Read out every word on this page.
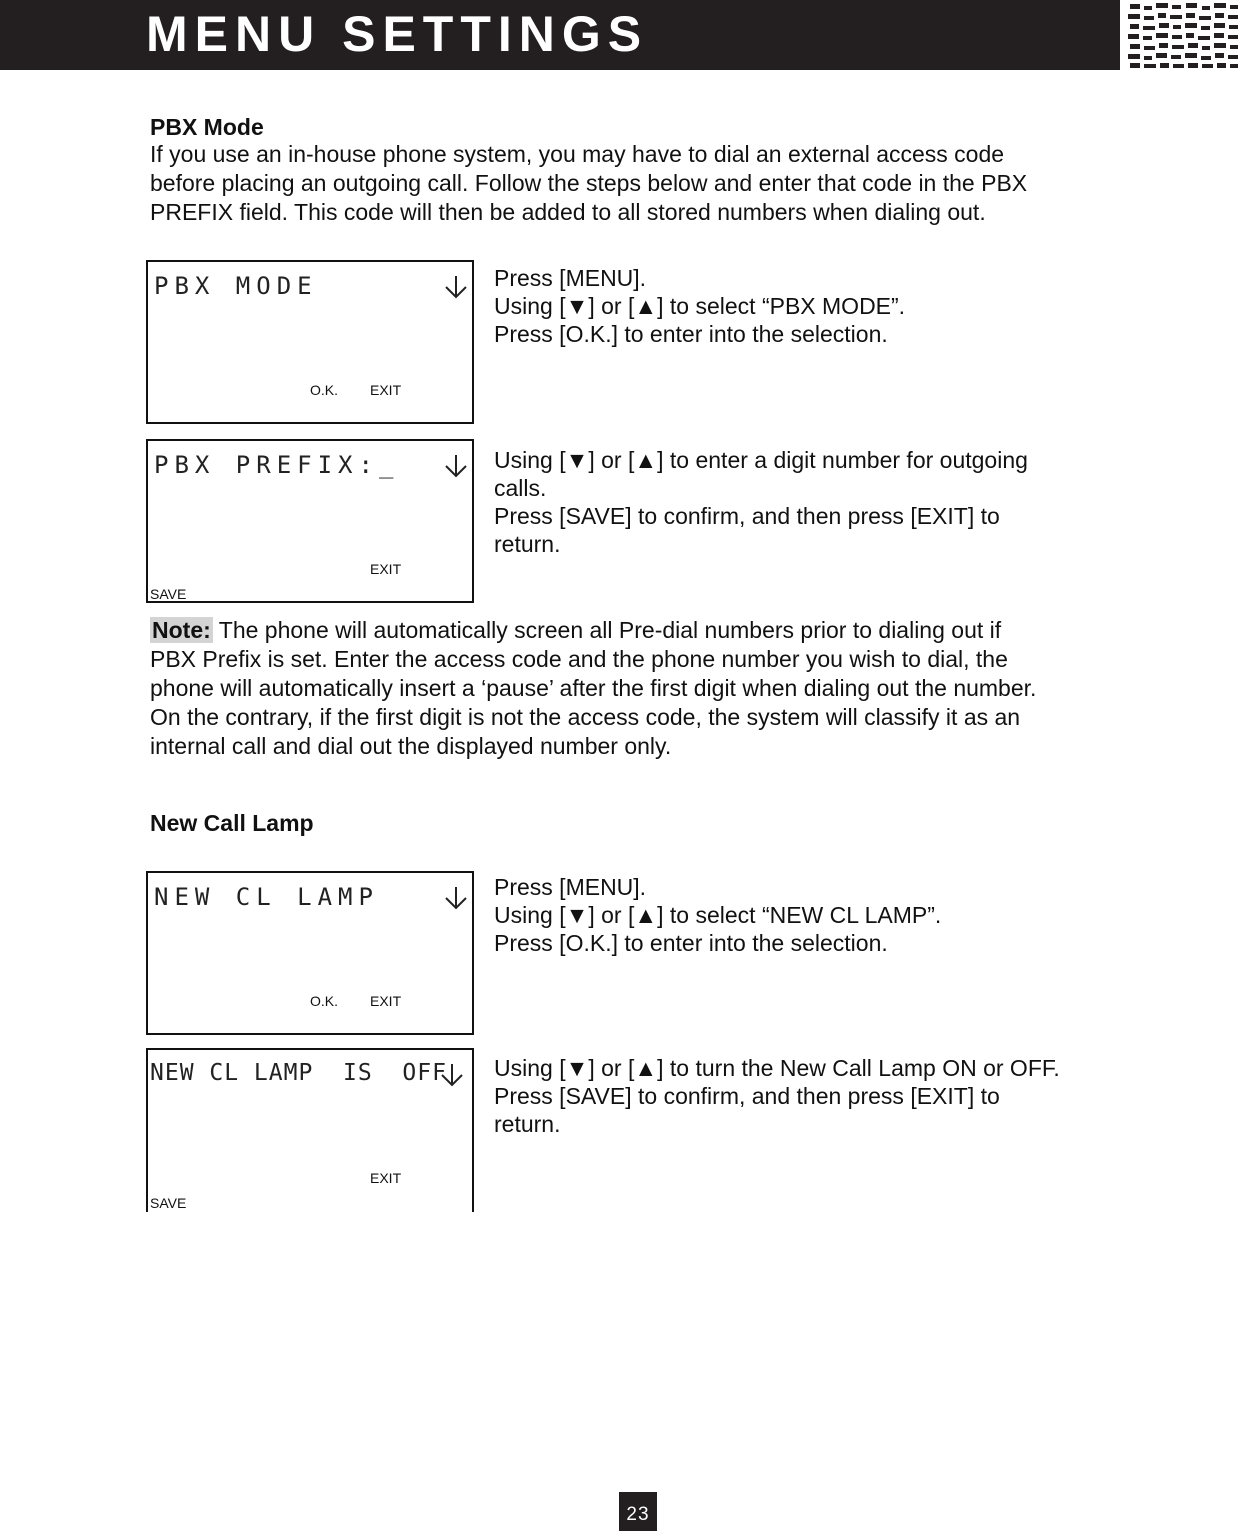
MENU SETTINGS
PBX Mode
If you use an in-house phone system, you may have to dial an external access code
before placing an outgoing call. Follow the steps below and enter that code in the PBX
PREFIX field. This code will then be added to all stored numbers when dialing out.
PBX MODE
O.K. EXIT
Press [MENU].
Using [▼] or [▲] to select “PBX MODE”.
Press [O.K.] to enter into the selection.
PBX PREFIX:_
EXIT
SAVE
Using [▼] or [▲] to enter a digit number for outgoing
calls.
Press [SAVE] to confirm, and then press [EXIT] to
return.
Note: The phone will automatically screen all Pre-dial numbers prior to dialing out if
PBX Prefix is set. Enter the access code and the phone number you wish to dial, the
phone will automatically insert a ‘pause’ after the first digit when dialing out the number.
On the contrary, if the first digit is not the access code, the system will classify it as an
internal call and dial out the displayed number only.
New Call Lamp
NEW CL LAMP
O.K. EXIT
Press [MENU].
Using [▼] or [▲] to select “NEW CL LAMP”.
Press [O.K.] to enter into the selection.
NEW CL LAMP  IS  OFF
EXIT
SAVE
Using [▼] or [▲] to turn the New Call Lamp ON or OFF.
Press [SAVE] to confirm, and then press [EXIT] to
return.
23
